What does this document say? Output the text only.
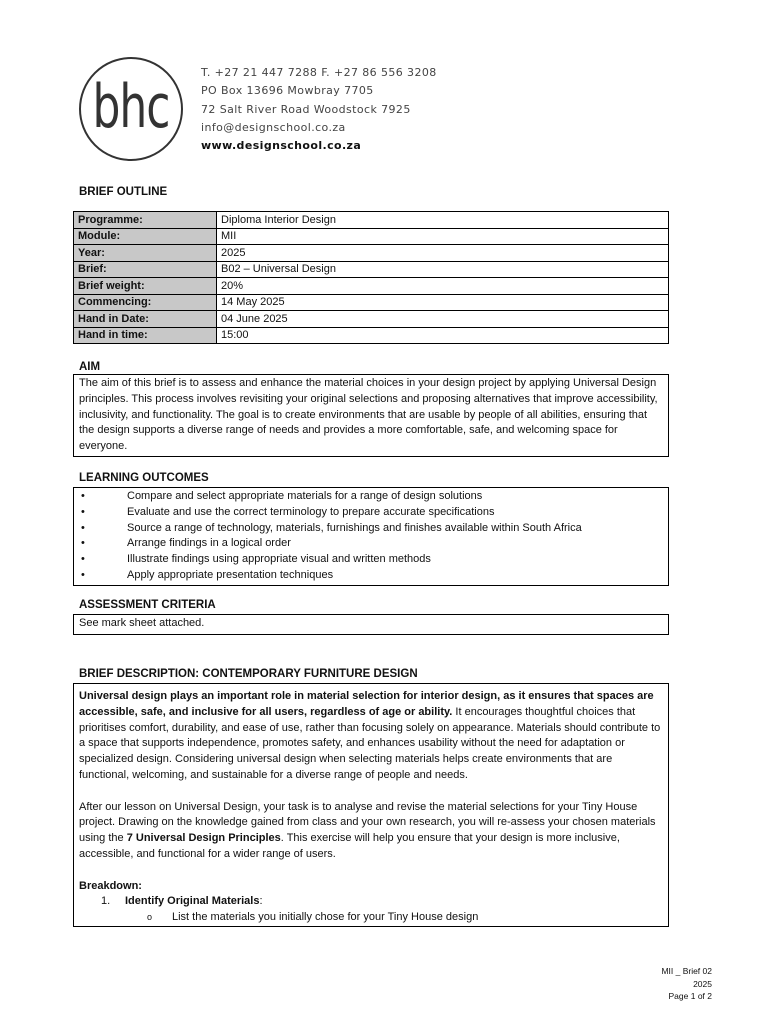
bhc
T. +27 21 447 7288 F. +27 86 556 3208
PO Box 13696 Mowbray 7705
72 Salt River Road Woodstock 7925
info@designschool.co.za
www.designschool.co.za
BRIEF OUTLINE
Programme:	Diploma Interior Design
Module:	MII
Year:	2025
Brief:	B02 – Universal Design
Brief weight:	20%
Commencing:	14 May 2025
Hand in Date:	04 June 2025
Hand in time:	15:00
AIM
The aim of this brief is to assess and enhance the material choices in your design project by applying Universal Design principles. This process involves revisiting your original selections and proposing alternatives that improve accessibility, inclusivity, and functionality. The goal is to create environments that are usable by people of all abilities, ensuring that the design supports a diverse range of needs and provides a more comfortable, safe, and welcoming space for everyone.
LEARNING OUTCOMES
•	Compare and select appropriate materials for a range of design solutions
•	Evaluate and use the correct terminology to prepare accurate specifications
•	Source a range of technology, materials, furnishings and finishes available within South Africa
•	Arrange findings in a logical order
•	Illustrate findings using appropriate visual and written methods
•	Apply appropriate presentation techniques
ASSESSMENT CRITERIA
See mark sheet attached.
BRIEF DESCRIPTION: CONTEMPORARY FURNITURE DESIGN

Universal design plays an important role in material selection for interior design, as it ensures that spaces are accessible, safe, and inclusive for all users, regardless of age or ability. It encourages thoughtful choices that prioritises comfort, durability, and ease of use, rather than focusing solely on appearance. Materials should contribute to a space that supports independence, promotes safety, and enhances usability without the need for adaptation or specialized design. Considering universal design when selecting materials helps create environments that are functional, welcoming, and sustainable for a diverse range of people and needs.

After our lesson on Universal Design, your task is to analyse and revise the material selections for your Tiny House project. Drawing on the knowledge gained from class and your own research, you will re-assess your chosen materials using the 7 Universal Design Principles. This exercise will help you ensure that your design is more inclusive, accessible, and functional for a wider range of users.

Breakdown:
1. Identify Original Materials:
o List the materials you initially chose for your Tiny House design
MII _ Brief 02
2025
Page 1 of 2
